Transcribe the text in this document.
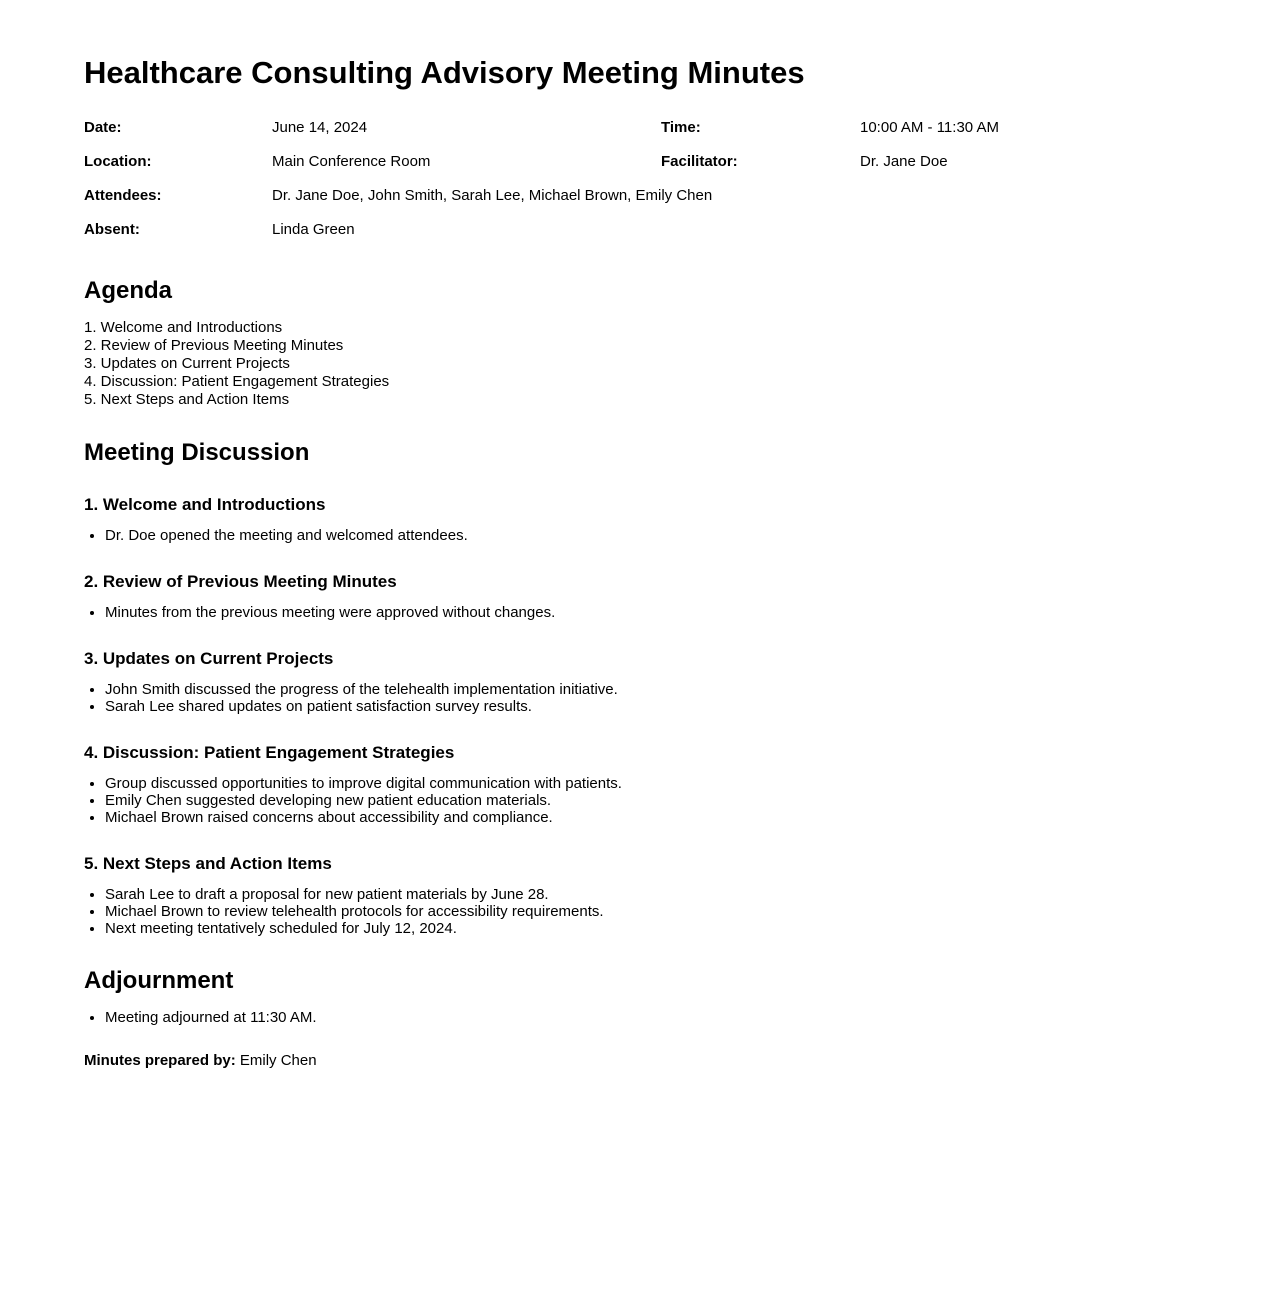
Healthcare Consulting Advisory Meeting Minutes
Date:	June 14, 2024	Time:	10:00 AM - 11:30 AM
Location:	Main Conference Room	Facilitator:	Dr. Jane Doe
Attendees:	Dr. Jane Doe, John Smith, Sarah Lee, Michael Brown, Emily Chen		
Absent:	Linda Green		
Agenda
1. Welcome and Introductions
2. Review of Previous Meeting Minutes
3. Updates on Current Projects
4. Discussion: Patient Engagement Strategies
5. Next Steps and Action Items
Meeting Discussion
1. Welcome and Introductions
• Dr. Doe opened the meeting and welcomed attendees.
2. Review of Previous Meeting Minutes
• Minutes from the previous meeting were approved without changes.
3. Updates on Current Projects
• John Smith discussed the progress of the telehealth implementation initiative.
• Sarah Lee shared updates on patient satisfaction survey results.
4. Discussion: Patient Engagement Strategies
• Group discussed opportunities to improve digital communication with patients.
• Emily Chen suggested developing new patient education materials.
• Michael Brown raised concerns about accessibility and compliance.
5. Next Steps and Action Items
• Sarah Lee to draft a proposal for new patient materials by June 28.
• Michael Brown to review telehealth protocols for accessibility requirements.
• Next meeting tentatively scheduled for July 12, 2024.
Adjournment
• Meeting adjourned at 11:30 AM.

Minutes prepared by: Emily Chen
